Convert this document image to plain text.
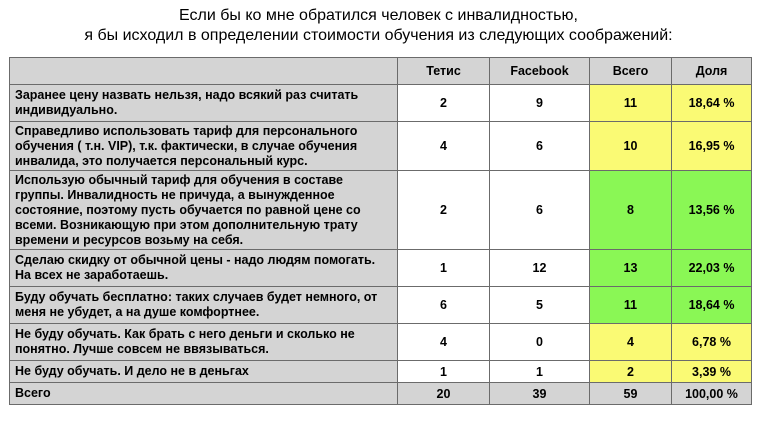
Если бы ко мне обратился человек с инвалидностью,
я бы исходил в определении стоимости обучения из следующих соображений:
	Тетис	Facebook	Всего	Доля
Заранее цену назвать нельзя, надо всякий раз считать индивидуально.	2	9	11	18,64 %
Справедливо использовать тариф для персонального обучения ( т.н. VIP), т.к. фактически, в случае обучения инвалида, это получается персональный курс.	4	6	10	16,95 %
Использую обычный тариф для обучения в составе группы. Инвалидность не причуда, а вынужденное состояние, поэтому пусть обучается по равной цене со всеми. Возникающую при этом дополнительную трату времени и ресурсов возьму на себя.	2	6	8	13,56 %
Сделаю скидку от обычной цены - надо людям помогать. На всех не заработаешь.	1	12	13	22,03 %
Буду обучать бесплатно: таких случаев будет немного, от меня не убудет, а на душе комфортнее.	6	5	11	18,64 %
Не буду обучать. Как брать с него деньги и сколько не понятно. Лучше совсем не ввязываться.	4	0	4	6,78 %
Не буду обучать. И дело не в деньгах	1	1	2	3,39 %
Всего	20	39	59	100,00 %
